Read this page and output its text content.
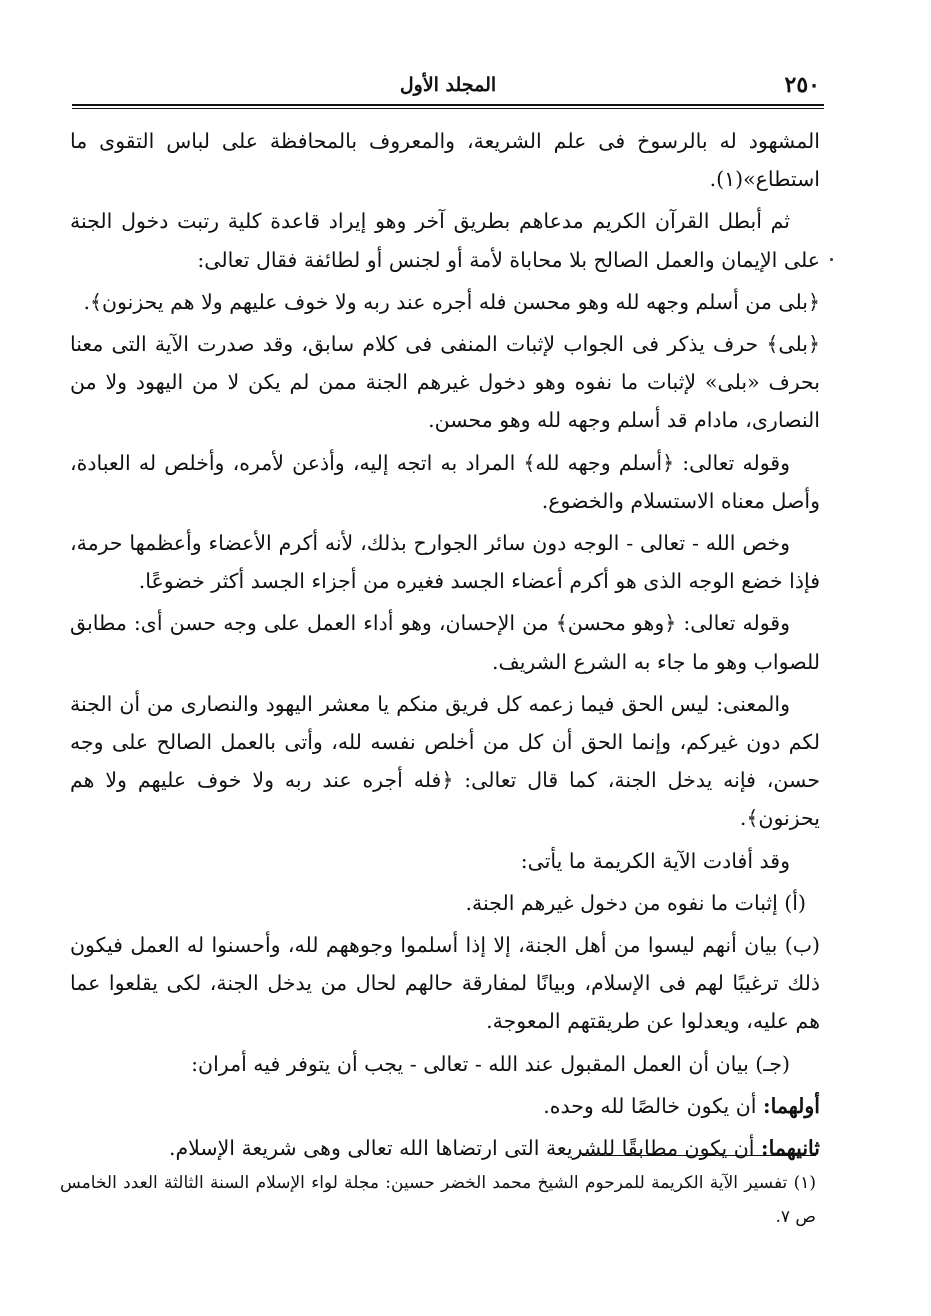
٢٥٠
المجلد الأول

المشهود له بالرسوخ فى علم الشريعة، والمعروف بالمحافظة على لباس التقوى ما استطاع»(١).

ثم أبطل القرآن الكريم مدعاهم بطريق آخر وهو إيراد قاعدة كلية رتبت دخول الجنة على الإيمان والعمل الصالح بلا محاباة لأمة أو لجنس أو لطائفة فقال تعالى:

﴿بلى من أسلم وجهه لله وهو محسن فله أجره عند ربه ولا خوف عليهم ولا هم يحزنون﴾.

﴿بلى﴾ حرف يذكر فى الجواب لإثبات المنفى فى كلام سابق، وقد صدرت الآية التى معنا بحرف «بلى» لإثبات ما نفوه وهو دخول غيرهم الجنة ممن لم يكن لا من اليهود ولا من النصارى، مادام قد أسلم وجهه لله وهو محسن.

وقوله تعالى: ﴿أسلم وجهه لله﴾ المراد به اتجه إليه، وأذعن لأمره، وأخلص له العبادة، وأصل معناه الاستسلام والخضوع.

وخص الله - تعالى - الوجه دون سائر الجوارح بذلك، لأنه أكرم الأعضاء وأعظمها حرمة، فإذا خضع الوجه الذى هو أكرم أعضاء الجسد فغيره من أجزاء الجسد أكثر خضوعًا.

وقوله تعالى: ﴿وهو محسن﴾ من الإحسان، وهو أداء العمل على وجه حسن أى: مطابق للصواب وهو ما جاء به الشرع الشريف.

والمعنى: ليس الحق فيما زعمه كل فريق منكم يا معشر اليهود والنصارى من أن الجنة لكم دون غيركم، وإنما الحق أن كل من أخلص نفسه لله، وأتى بالعمل الصالح على وجه حسن، فإنه يدخل الجنة، كما قال تعالى: ﴿فله أجره عند ربه ولا خوف عليهم ولا هم يحزنون﴾.

وقد أفادت الآية الكريمة ما يأتى:

(أ) إثبات ما نفوه من دخول غيرهم الجنة.

(ب) بيان أنهم ليسوا من أهل الجنة، إلا إذا أسلموا وجوههم لله، وأحسنوا له العمل فيكون ذلك ترغيبًا لهم فى الإسلام، وبيانًا لمفارقة حالهم لحال من يدخل الجنة، لكى يقلعوا عما هم عليه، ويعدلوا عن طريقتهم المعوجة.

(جـ) بيان أن العمل المقبول عند الله - تعالى - يجب أن يتوفر فيه أمران:

أولهما: أن يكون خالصًا لله وحده.

ثانيهما: أن يكون مطابقًا للشريعة التى ارتضاها الله تعالى وهى شريعة الإسلام.

(١) تفسير الآية الكريمة للمرحوم الشيخ محمد الخضر حسين: مجلة لواء الإسلام السنة الثالثة العدد الخامس ص ٧.
